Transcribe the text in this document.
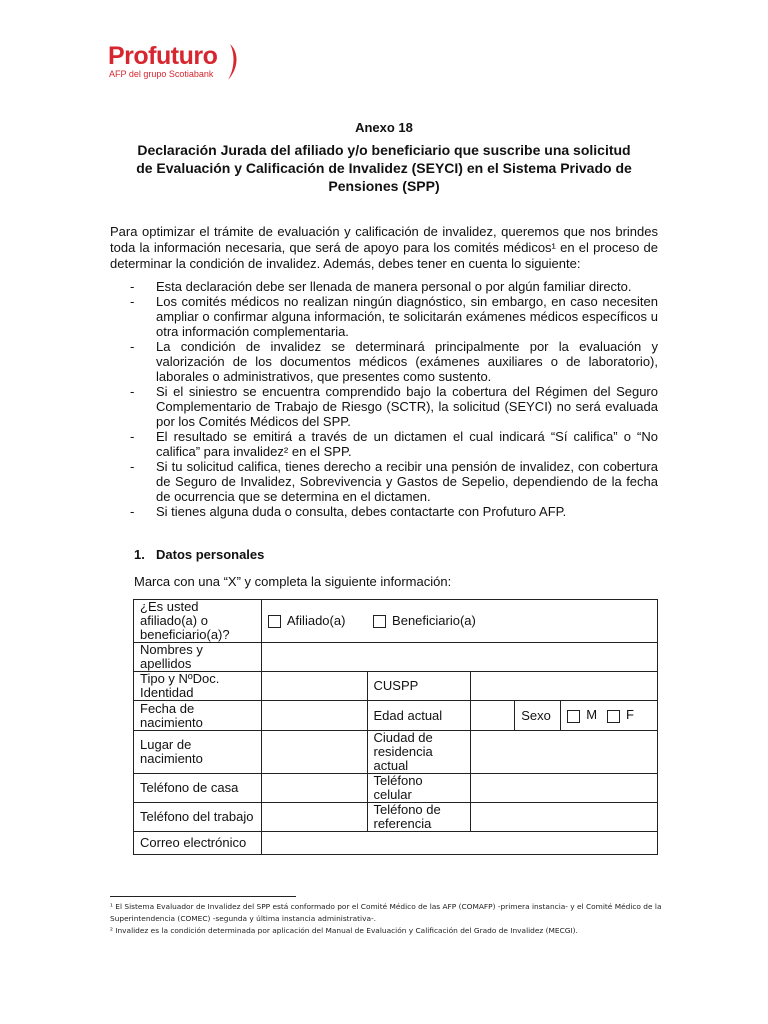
Profuturo
AFP del grupo Scotiabank
Anexo 18
Declaración Jurada del afiliado y/o beneficiario que suscribe una solicitud de Evaluación y Calificación de Invalidez (SEYCI) en el Sistema Privado de Pensiones (SPP)
Para optimizar el trámite de evaluación y calificación de invalidez, queremos que nos brindes toda la información necesaria, que será de apoyo para los comités médicos¹ en el proceso de determinar la condición de invalidez. Además, debes tener en cuenta lo siguiente:
- Esta declaración debe ser llenada de manera personal o por algún familiar directo.
- Los comités médicos no realizan ningún diagnóstico, sin embargo, en caso necesiten ampliar o confirmar alguna información, te solicitarán exámenes médicos específicos u otra información complementaria.
- La condición de invalidez se determinará principalmente por la evaluación y valorización de los documentos médicos (exámenes auxiliares o de laboratorio), laborales o administrativos, que presentes como sustento.
- Si el siniestro se encuentra comprendido bajo la cobertura del Régimen del Seguro Complementario de Trabajo de Riesgo (SCTR), la solicitud (SEYCI) no será evaluada por los Comités Médicos del SPP.
- El resultado se emitirá a través de un dictamen el cual indicará “Sí califica” o “No califica” para invalidez² en el SPP.
- Si tu solicitud califica, tienes derecho a recibir una pensión de invalidez, con cobertura de Seguro de Invalidez, Sobrevivencia y Gastos de Sepelio, dependiendo de la fecha de ocurrencia que se determina en el dictamen.
- Si tienes alguna duda o consulta, debes contactarte con Profuturo AFP.
1. Datos personales
Marca con una “X” y completa la siguiente información:
¿Es usted afiliado(a) o beneficiario(a)?	Afiliado(a) Beneficiario(a)				
Nombres y apellidos					
Tipo y NºDoc. Identidad		CUSPP			
Fecha de nacimiento		Edad actual		Sexo	M F
Lugar de nacimiento		Ciudad de residencia actual			
Teléfono de casa		Teléfono celular			
Teléfono del trabajo		Teléfono de referencia			
Correo electrónico					
¹ El Sistema Evaluador de Invalidez del SPP está conformado por el Comité Médico de las AFP (COMAFP) -primera instancia- y el Comité Médico de la Superintendencia (COMEC) -segunda y última instancia administrativa-.
² Invalidez es la condición determinada por aplicación del Manual de Evaluación y Calificación del Grado de Invalidez (MECGI).
